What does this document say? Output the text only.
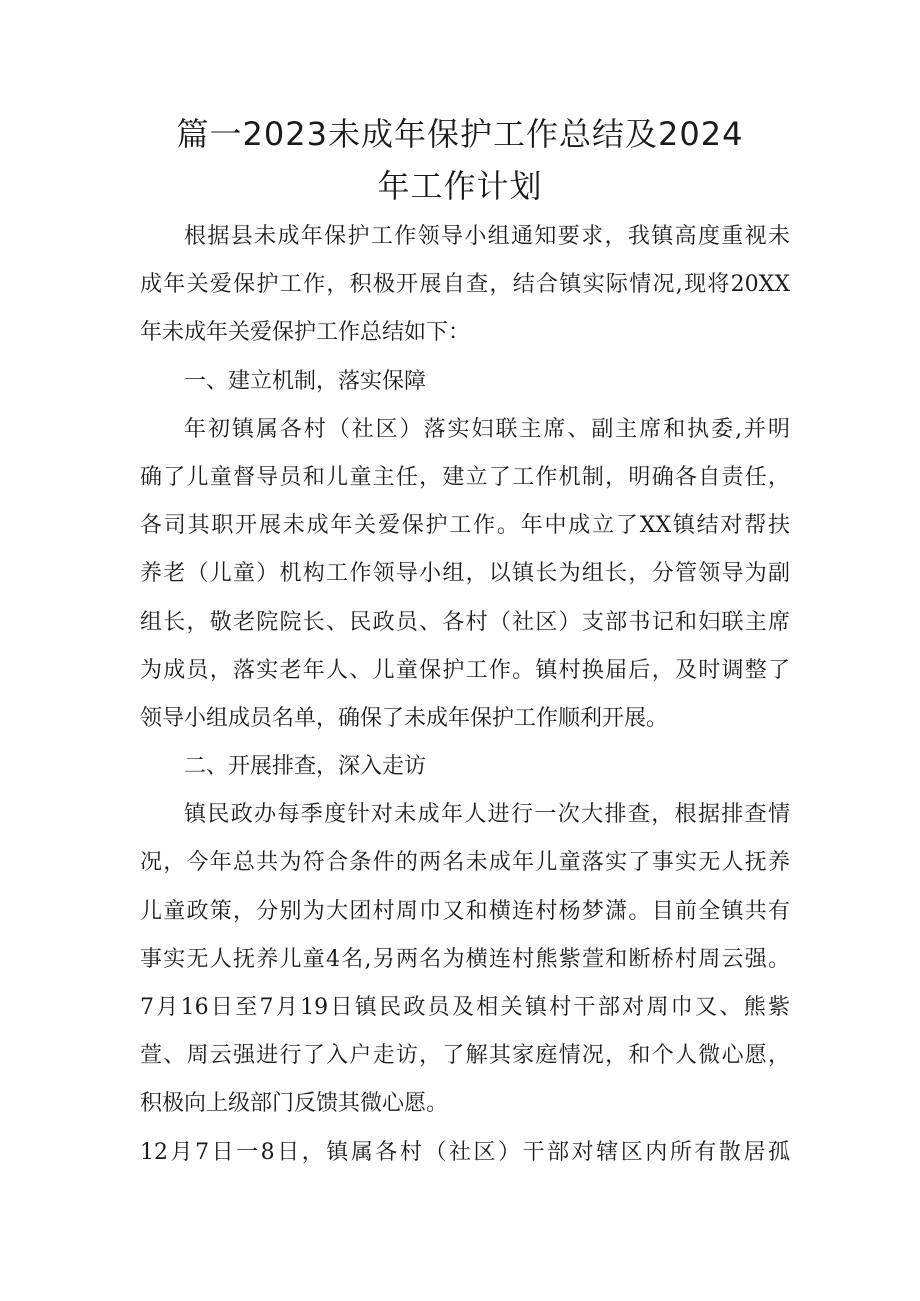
篇一2023未成年保护工作总结及2024
年工作计划
根据县未成年保护工作领导小组通知要求，我镇高度重视未
成年关爱保护工作，积极开展自查，结合镇实际情况,现将20XX
年未成年关爱保护工作总结如下：
一、建立机制，落实保障
年初镇属各村（社区）落实妇联主席、副主席和执委,并明
确了儿童督导员和儿童主任，建立了工作机制，明确各自责任，
各司其职开展未成年关爱保护工作。年中成立了XX镇结对帮扶
养老（儿童）机构工作领导小组，以镇长为组长，分管领导为副
组长，敬老院院长、民政员、各村（社区）支部书记和妇联主席
为成员，落实老年人、儿童保护工作。镇村换届后，及时调整了
领导小组成员名单，确保了未成年保护工作顺利开展。
二、开展排查，深入走访
镇民政办每季度针对未成年人进行一次大排查，根据排查情
况，今年总共为符合条件的两名未成年儿童落实了事实无人抚养
儿童政策，分别为大团村周巾又和横连村杨梦潇。目前全镇共有
事实无人抚养儿童4名,另两名为横连村熊紫萱和断桥村周云强。
7月16日至7月19日镇民政员及相关镇村干部对周巾又、熊紫
萱、周云强进行了入户走访，了解其家庭情况，和个人微心愿，
积极向上级部门反馈其微心愿。
12月7日一8日，镇属各村（社区）干部对辖区内所有散居孤
